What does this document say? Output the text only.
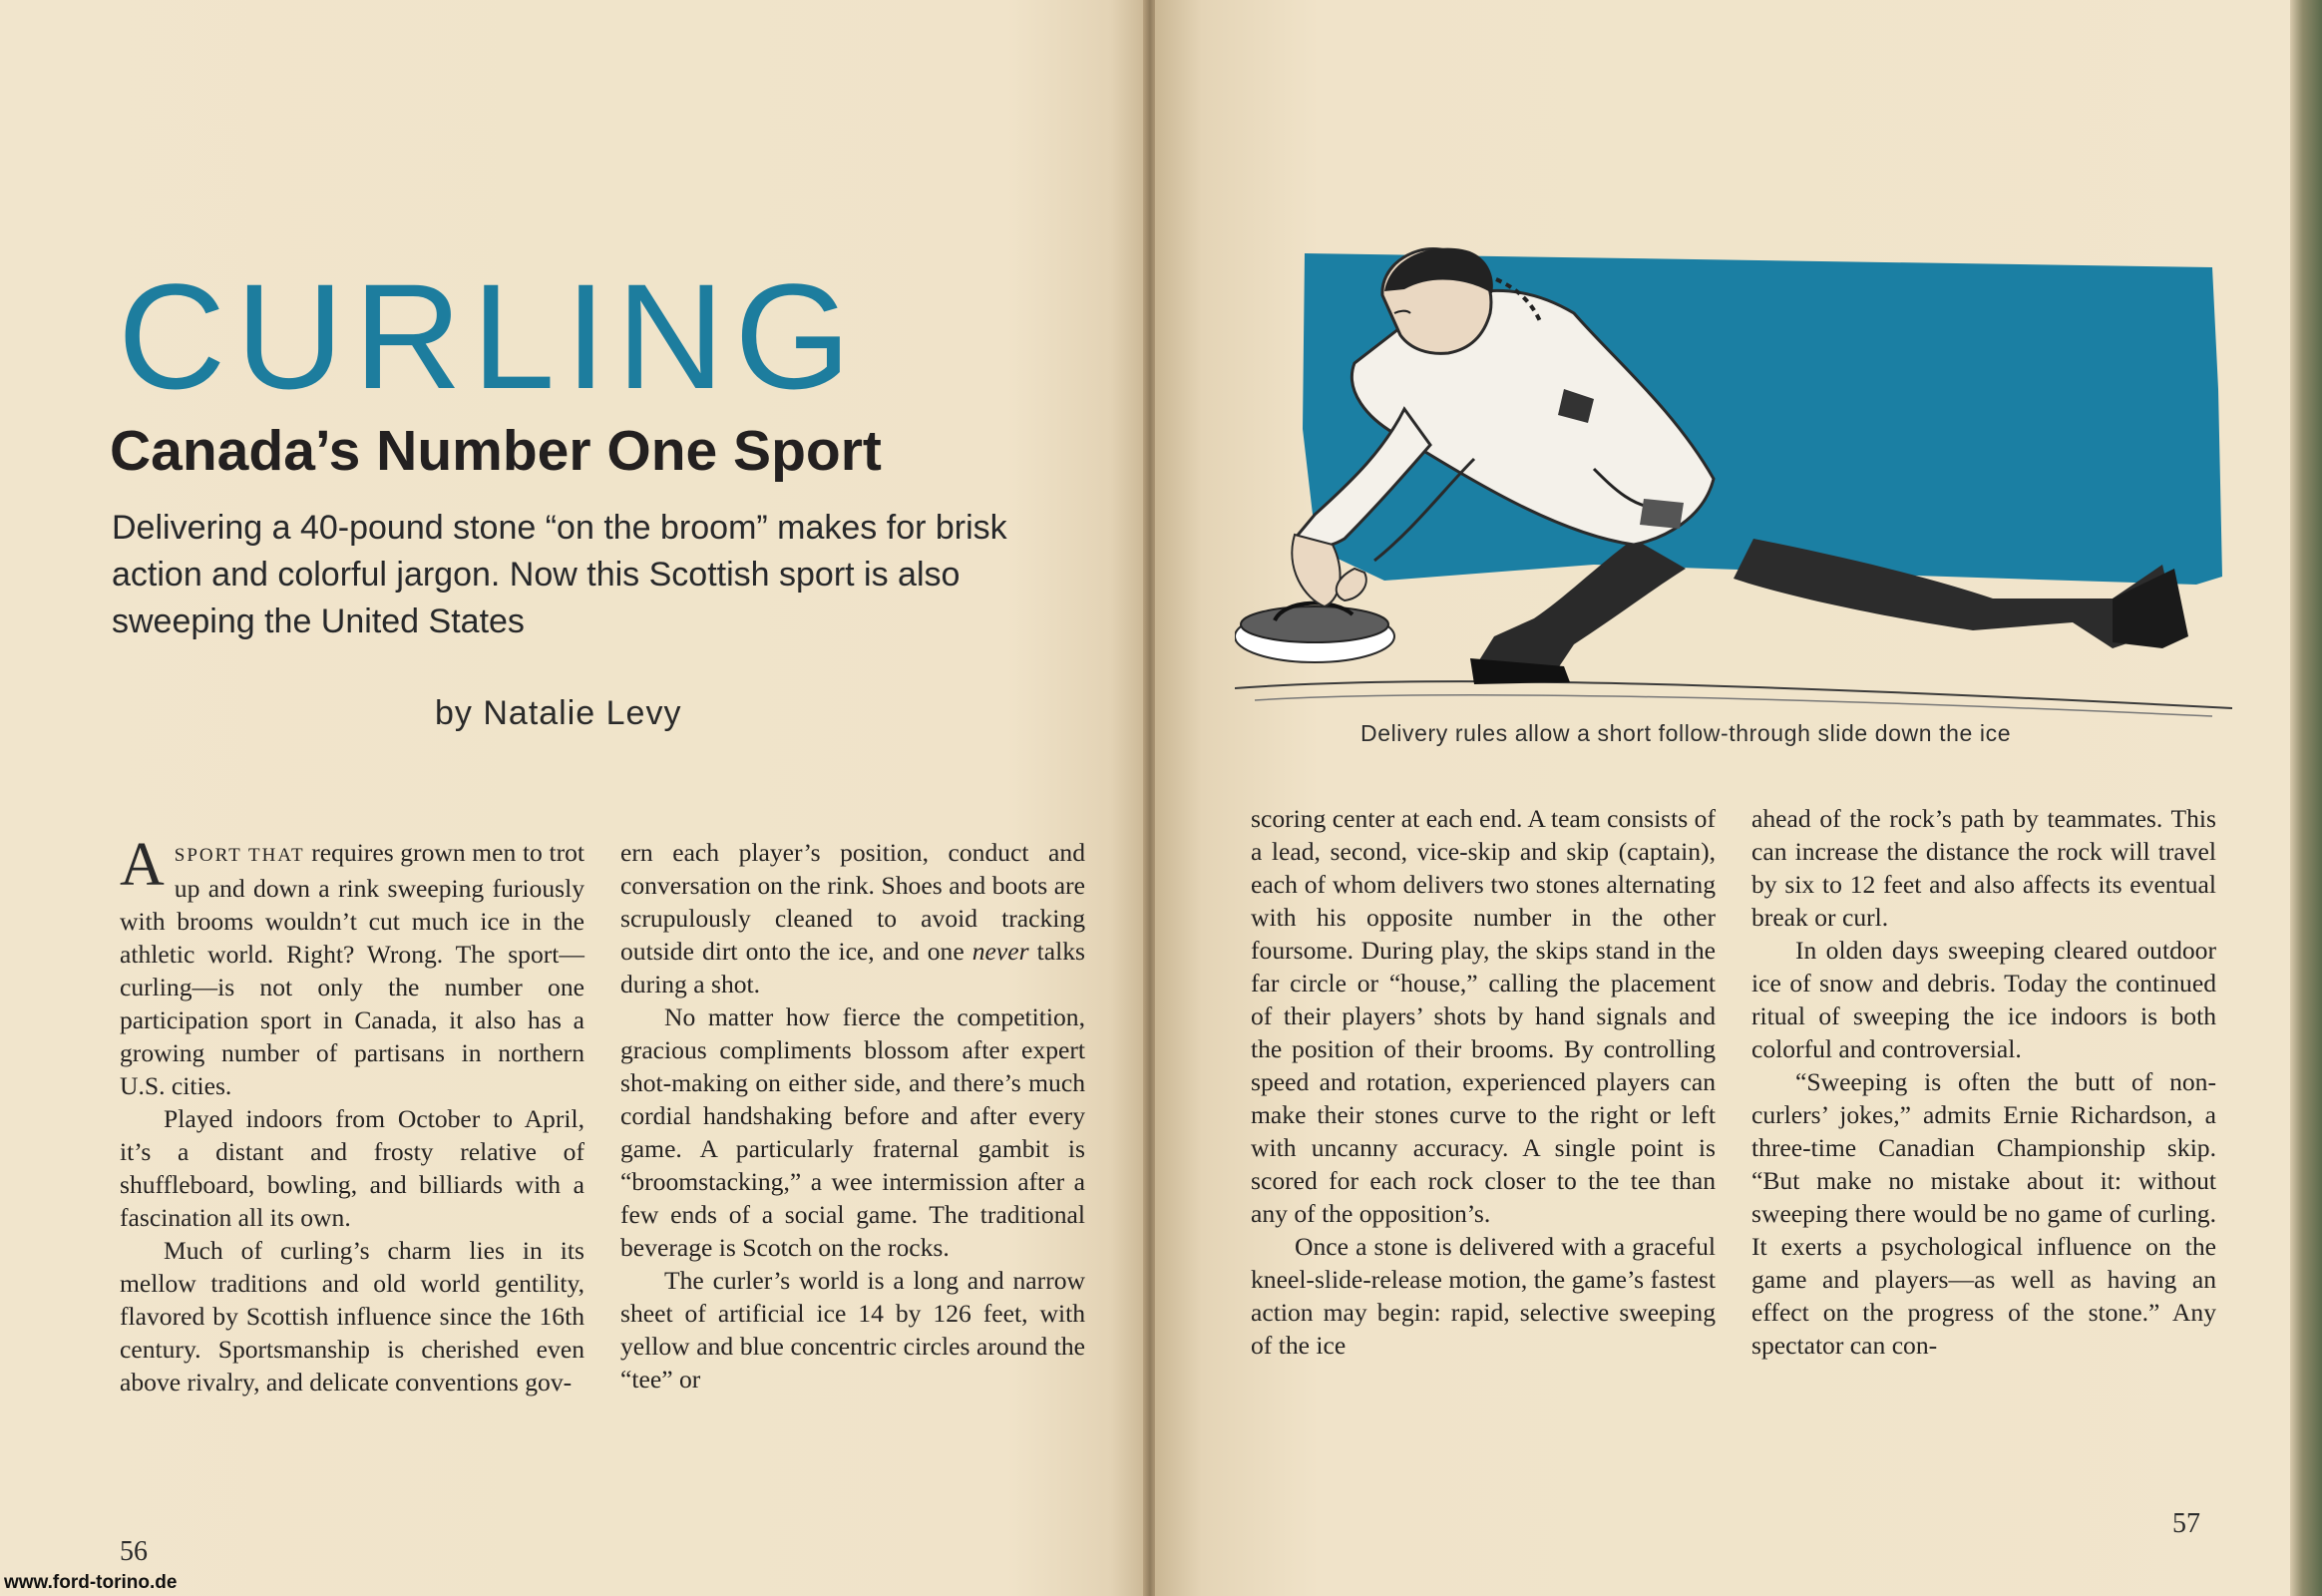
CURLING
Canada’s Number One Sport

Delivering a 40-pound stone “on the broom” makes for brisk action and colorful jargon. Now this Scottish sport is also sweeping the United States

by Natalie Levy

ASPORT THAT requires grown men to trot up and down a rink sweeping furiously with brooms wouldn’t cut much ice in the athletic world. Right? Wrong. The sport—curling—is not only the number one participation sport in Canada, it also has a growing number of partisans in northern U.S. cities.

Played indoors from October to April, it’s a distant and frosty relative of shuffleboard, bowling, and billiards with a fascination all its own.

Much of curling’s charm lies in its mellow traditions and old world gentility, flavored by Scottish influence since the 16th century. Sportsmanship is cherished even above rivalry, and delicate conventions gov-

ern each player’s position, conduct and conversation on the rink. Shoes and boots are scrupulously cleaned to avoid tracking outside dirt onto the ice, and one never talks during a shot.

No matter how fierce the competition, gracious compliments blossom after expert shot-making on either side, and there’s much cordial handshaking before and after every game. A particularly fraternal gambit is “broomstacking,” a wee intermission after a few ends of a social game. The traditional beverage is Scotch on the rocks.

The curler’s world is a long and narrow sheet of artificial ice 14 by 126 feet, with yellow and blue concentric circles around the “tee” or

56

Delivery rules allow a short follow-through slide down the ice

scoring center at each end. A team consists of a lead, second, vice-skip and skip (captain), each of whom delivers two stones alternating with his opposite number in the other foursome. During play, the skips stand in the far circle or “house,” calling the placement of their players’ shots by hand signals and the position of their brooms. By controlling speed and rotation, experienced players can make their stones curve to the right or left with uncanny accuracy. A single point is scored for each rock closer to the tee than any of the opposition’s.

Once a stone is delivered with a graceful kneel-slide-release motion, the game’s fastest action may begin: rapid, selective sweeping of the ice

ahead of the rock’s path by teammates. This can increase the distance the rock will travel by six to 12 feet and also affects its eventual break or curl.

In olden days sweeping cleared outdoor ice of snow and debris. Today the continued ritual of sweeping the ice indoors is both colorful and controversial.

“Sweeping is often the butt of non-curlers’ jokes,” admits Ernie Richardson, a three-time Canadian Championship skip. “But make no mistake about it: without sweeping there would be no game of curling. It exerts a psychological influence on the game and players—as well as having an effect on the progress of the stone.” Any spectator can con-

57

www.ford-torino.de
